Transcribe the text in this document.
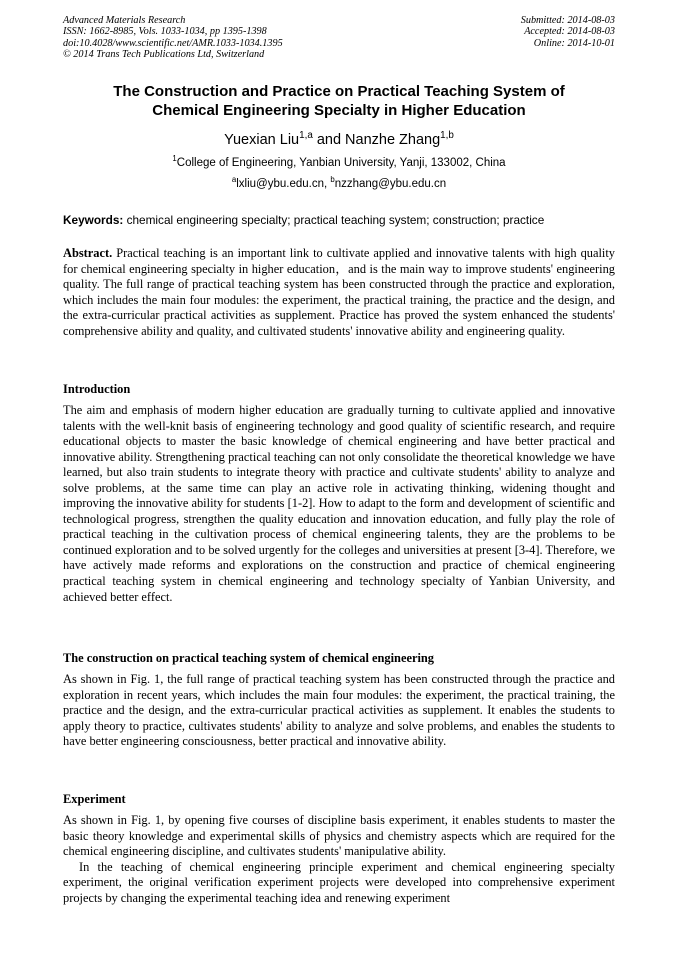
Advanced Materials Research
ISSN: 1662-8985, Vols. 1033-1034, pp 1395-1398
doi:10.4028/www.scientific.net/AMR.1033-1034.1395
© 2014 Trans Tech Publications Ltd, Switzerland
Submitted: 2014-08-03
Accepted: 2014-08-03
Online: 2014-10-01
The Construction and Practice on Practical Teaching System of
Chemical Engineering Specialty in Higher Education
Yuexian Liu$^{1,a}$ and Nanzhe Zhang$^{1,b}$
$^1$College of Engineering, Yanbian University, Yanji, 133002, China
$^a$lxliu@ybu.edu.cn, $^b$nzzhang@ybu.edu.cn
Keywords: chemical engineering specialty; practical teaching system; construction; practice

Abstract. Practical teaching is an important link to cultivate applied and innovative talents with high quality for chemical engineering specialty in higher education，and is the main way to improve students' engineering quality. The full range of practical teaching system has been constructed through the practice and exploration, which includes the main four modules: the experiment, the practical training, the practice and the design, and the extra-curricular practical activities as supplement. Practice has proved the system enhanced the students' comprehensive ability and quality, and cultivated students' innovative ability and engineering quality.

Introduction

The aim and emphasis of modern higher education are gradually turning to cultivate applied and innovative talents with the well-knit basis of engineering technology and good quality of scientific research, and require educational objects to master the basic knowledge of chemical engineering and have better practical and innovative ability. Strengthening practical teaching can not only consolidate the theoretical knowledge we have learned, but also train students to integrate theory with practice and cultivate students' ability to analyze and solve problems, at the same time can play an active role in activating thinking, widening thought and improving the innovative ability for students [1-2]. How to adapt to the form and development of scientific and technological progress, strengthen the quality education and innovation education, and fully play the role of practical teaching in the cultivation process of chemical engineering talents, they are the problems to be continued exploration and to be solved urgently for the colleges and universities at present [3-4]. Therefore, we have actively made reforms and explorations on the construction and practice of chemical engineering practical teaching system in chemical engineering and technology specialty of Yanbian University, and achieved better effect.

The construction on practical teaching system of chemical engineering

As shown in Fig. 1, the full range of practical teaching system has been constructed through the practice and exploration in recent years, which includes the main four modules: the experiment, the practical training, the practice and the design, and the extra-curricular practical activities as supplement. It enables the students to apply theory to practice, cultivates students' ability to analyze and solve problems, and enables the students to have better engineering consciousness, better practical and innovative ability.

Experiment

As shown in Fig. 1, by opening five courses of discipline basis experiment, it enables students to master the basic theory knowledge and experimental skills of physics and chemistry aspects which are required for the chemical engineering discipline, and cultivates students' manipulative ability.

In the teaching of chemical engineering principle experiment and chemical engineering specialty experiment, the original verification experiment projects were developed into comprehensive experiment projects by changing the experimental teaching idea and renewing experiment
